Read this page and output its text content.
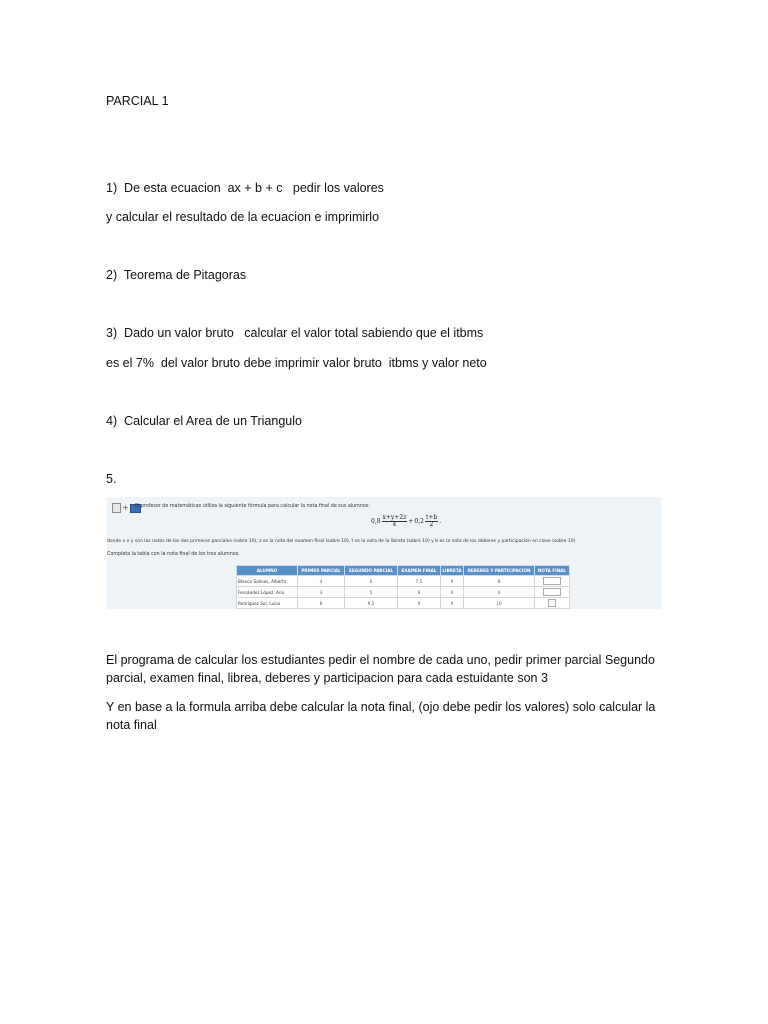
PARCIAL 1
1)  De esta ecuacion  ax + b + c   pedir los valores
y calcular el resultado de la ecuacion e imprimirlo
2)  Teorema de Pitagoras
3)  Dado un valor bruto   calcular el valor total sabiendo que el itbms
es el 7%  del valor bruto debe imprimir valor bruto  itbms y valor neto
4)  Calcular el Area de un Triangulo
5.
+ El profesor de matemáticas utiliza la siguiente fórmula para calcular la nota final de sus alumnos:
$0,8 \frac{x+y+2z}{4} + 0,2 \frac{t+b}{2}$ .
donde x e y son las notas de los dos primeros parciales (sobre 10), z es la nota del examen final (sobre 10), t es la nota de la libreta (sobre 10) y b es la nota de los deberes y participación en clase (sobre 10).
Completa la tabla con la nota final de los tres alumnos.
ALUMNO	PRIMER PARCIAL	SEGUNDO PARCIAL	EXAMEN FINAL	LIBRETA	DEBERES Y PARTICIPACIÓN	NOTA FINAL
Blanco Salinas, Alberto	4	6	7,5	9	8	
Fernández López, Ana	3	5	6	4	4	
Rodríguez Sol, Luisa	8	9,5	9	9	10	
El programa de calcular los estudiantes pedir el nombre de cada uno, pedir primer parcial Segundo parcial, examen final, librea, deberes y participacion para cada estuidante son 3
Y en base a la formula arriba debe calcular la nota final, (ojo debe pedir los valores) solo calcular la nota final
